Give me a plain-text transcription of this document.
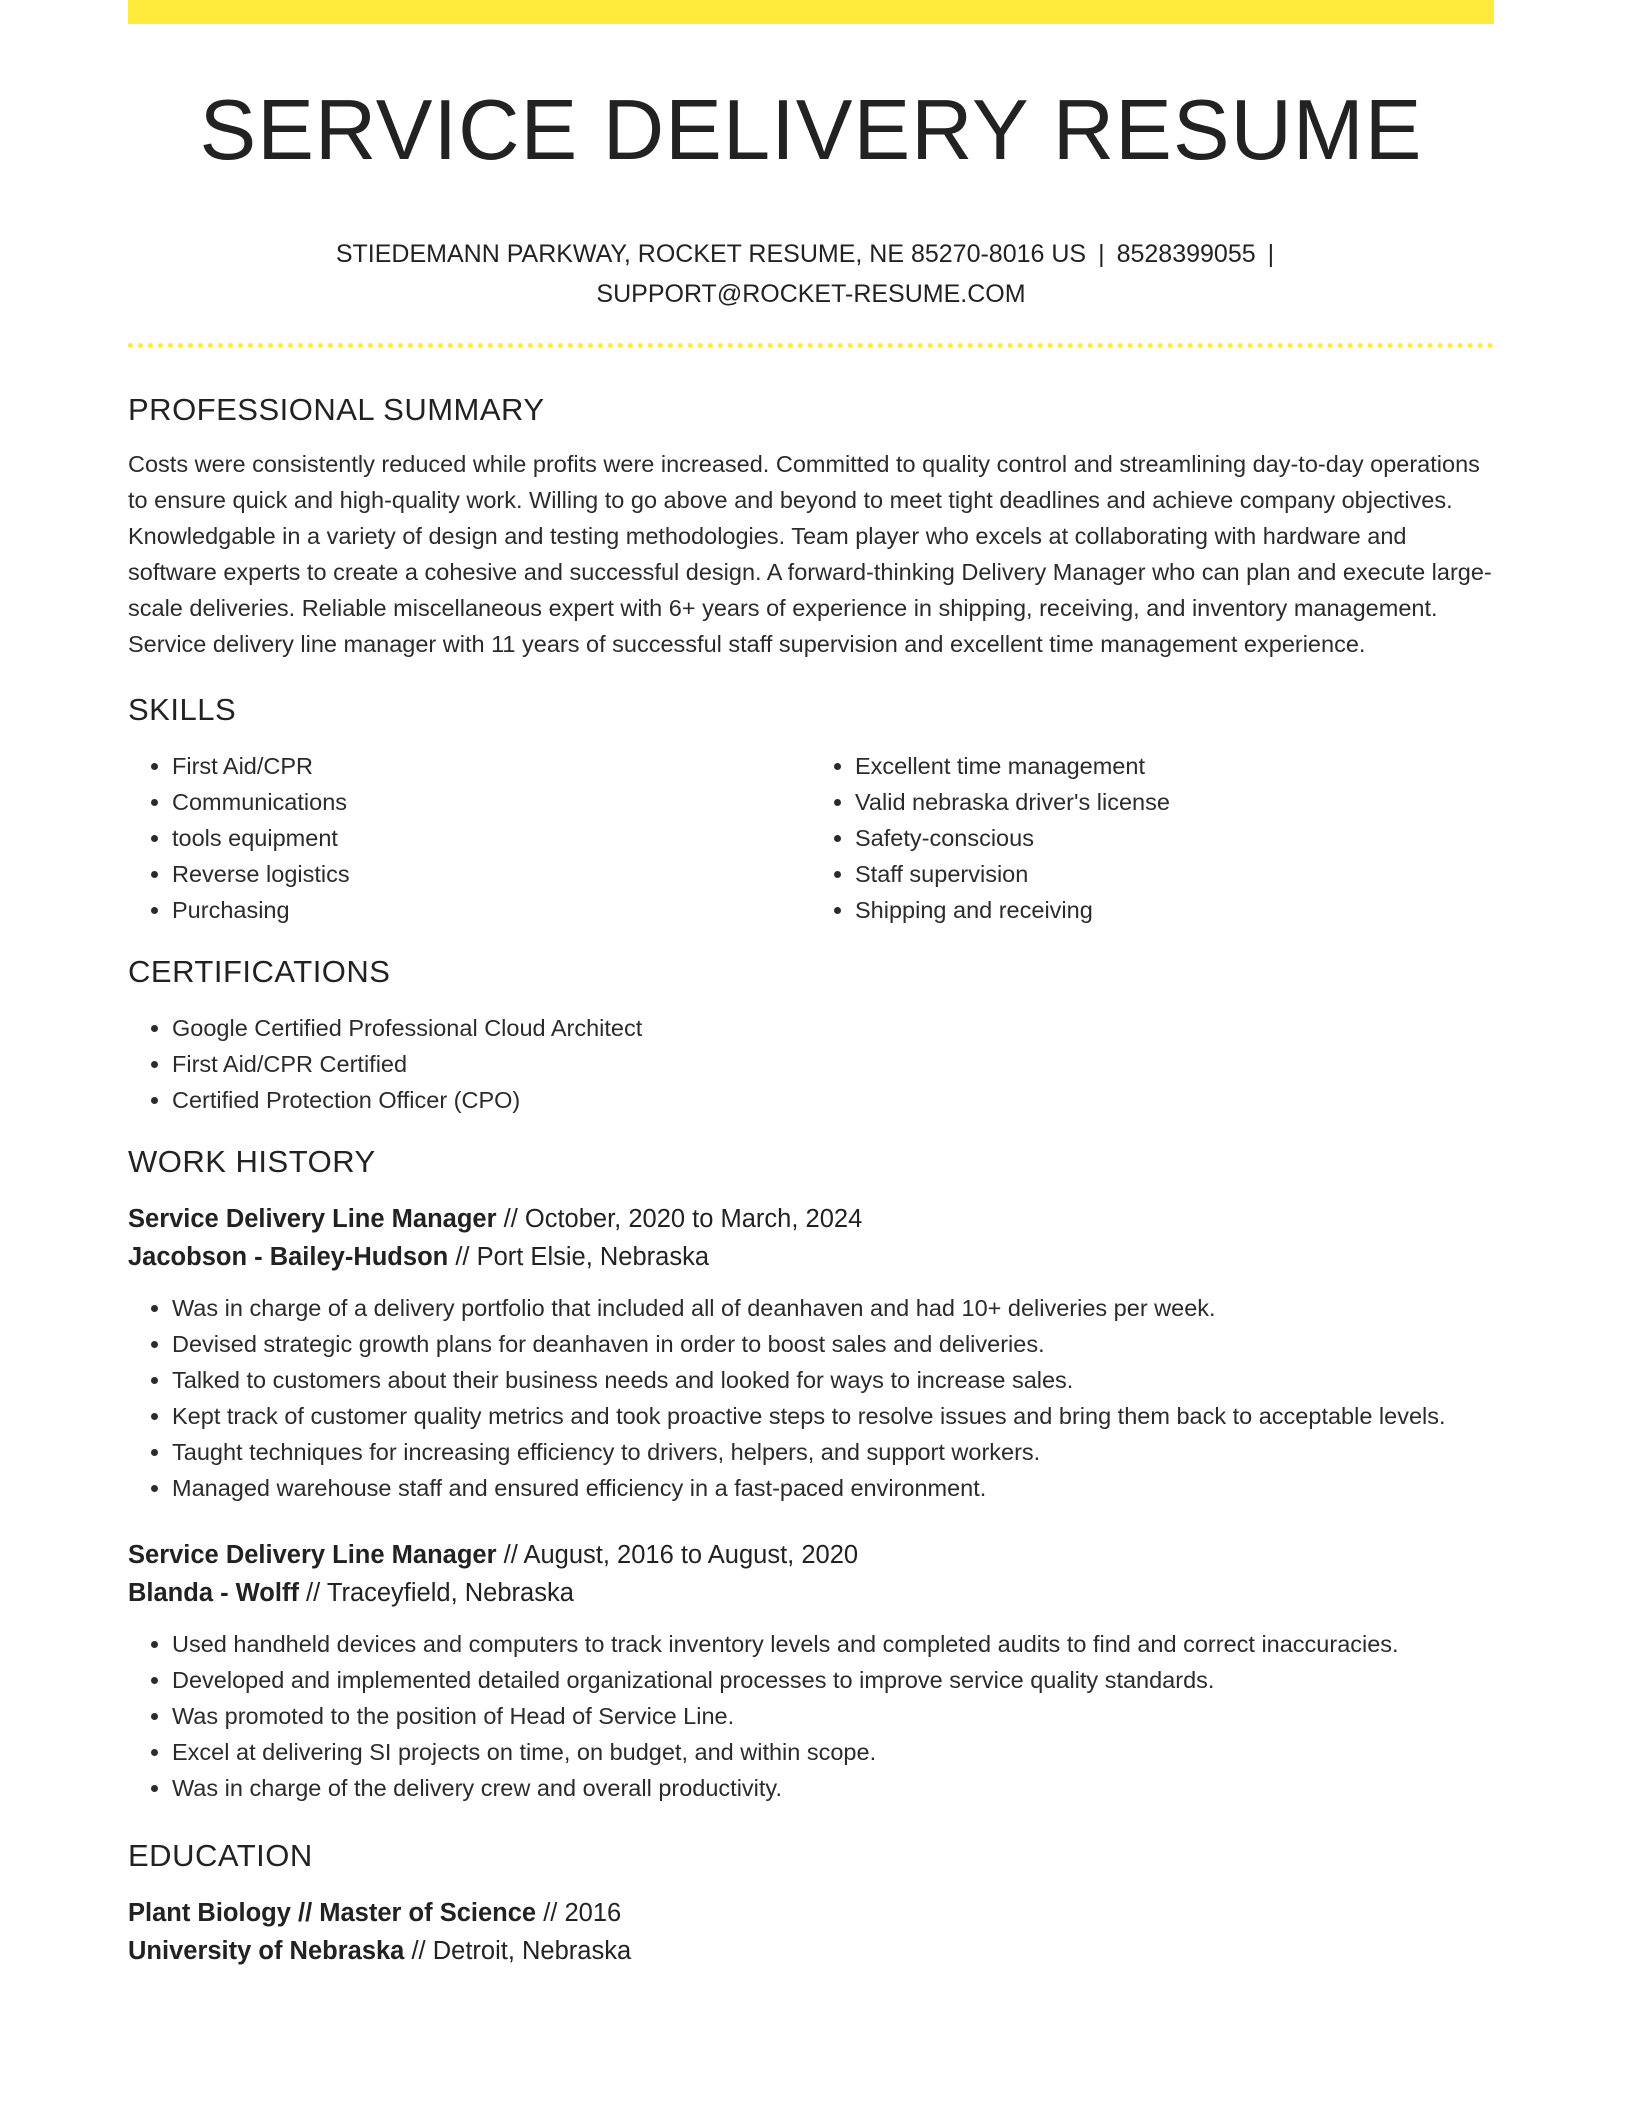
SERVICE DELIVERY RESUME
STIEDEMANN PARKWAY, ROCKET RESUME, NE 85270-8016 US | 8528399055 |
SUPPORT@ROCKET-RESUME.COM
PROFESSIONAL SUMMARY

Costs were consistently reduced while profits were increased. Committed to quality control and streamlining day-to-day operations to ensure quick and high-quality work. Willing to go above and beyond to meet tight deadlines and achieve company objectives. Knowledgable in a variety of design and testing methodologies. Team player who excels at collaborating with hardware and software experts to create a cohesive and successful design. A forward-thinking Delivery Manager who can plan and execute large-scale deliveries. Reliable miscellaneous expert with 6+ years of experience in shipping, receiving, and inventory management. Service delivery line manager with 11 years of successful staff supervision and excellent time management experience.

SKILLS
• First Aid/CPR
• Communications
• tools equipment
• Reverse logistics
• Purchasing
• Excellent time management
• Valid nebraska driver's license
• Safety-conscious
• Staff supervision
• Shipping and receiving
CERTIFICATIONS
• Google Certified Professional Cloud Architect
• First Aid/CPR Certified
• Certified Protection Officer (CPO)
WORK HISTORY
Service Delivery Line Manager // October, 2020 to March, 2024
Jacobson - Bailey-Hudson // Port Elsie, Nebraska
• Was in charge of a delivery portfolio that included all of deanhaven and had 10+ deliveries per week.
• Devised strategic growth plans for deanhaven in order to boost sales and deliveries.
• Talked to customers about their business needs and looked for ways to increase sales.
• Kept track of customer quality metrics and took proactive steps to resolve issues and bring them back to acceptable levels.
• Taught techniques for increasing efficiency to drivers, helpers, and support workers.
• Managed warehouse staff and ensured efficiency in a fast-paced environment.
Service Delivery Line Manager // August, 2016 to August, 2020
Blanda - Wolff // Traceyfield, Nebraska
• Used handheld devices and computers to track inventory levels and completed audits to find and correct inaccuracies.
• Developed and implemented detailed organizational processes to improve service quality standards.
• Was promoted to the position of Head of Service Line.
• Excel at delivering SI projects on time, on budget, and within scope.
• Was in charge of the delivery crew and overall productivity.
EDUCATION
Plant Biology // Master of Science // 2016
University of Nebraska // Detroit, Nebraska
